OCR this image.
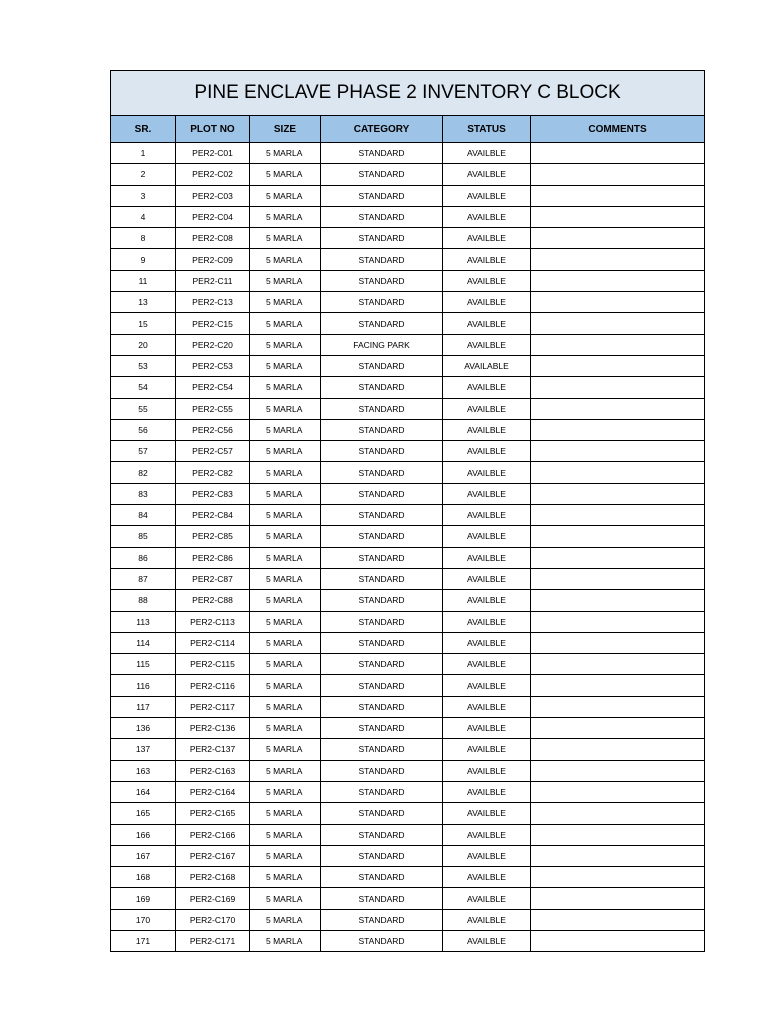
PINE ENCLAVE PHASE 2 INVENTORY C BLOCK					
SR.	PLOT NO	SIZE	CATEGORY	STATUS	COMMENTS
1	PER2-C01	5 MARLA	STANDARD	AVAILBLE	
2	PER2-C02	5 MARLA	STANDARD	AVAILBLE	
3	PER2-C03	5 MARLA	STANDARD	AVAILBLE	
4	PER2-C04	5 MARLA	STANDARD	AVAILBLE	
8	PER2-C08	5 MARLA	STANDARD	AVAILBLE	
9	PER2-C09	5 MARLA	STANDARD	AVAILBLE	
11	PER2-C11	5 MARLA	STANDARD	AVAILBLE	
13	PER2-C13	5 MARLA	STANDARD	AVAILBLE	
15	PER2-C15	5 MARLA	STANDARD	AVAILBLE	
20	PER2-C20	5 MARLA	FACING PARK	AVAILBLE	
53	PER2-C53	5 MARLA	STANDARD	AVAILABLE	
54	PER2-C54	5 MARLA	STANDARD	AVAILBLE	
55	PER2-C55	5 MARLA	STANDARD	AVAILBLE	
56	PER2-C56	5 MARLA	STANDARD	AVAILBLE	
57	PER2-C57	5 MARLA	STANDARD	AVAILBLE	
82	PER2-C82	5 MARLA	STANDARD	AVAILBLE	
83	PER2-C83	5 MARLA	STANDARD	AVAILBLE	
84	PER2-C84	5 MARLA	STANDARD	AVAILBLE	
85	PER2-C85	5 MARLA	STANDARD	AVAILBLE	
86	PER2-C86	5 MARLA	STANDARD	AVAILBLE	
87	PER2-C87	5 MARLA	STANDARD	AVAILBLE	
88	PER2-C88	5 MARLA	STANDARD	AVAILBLE	
113	PER2-C113	5 MARLA	STANDARD	AVAILBLE	
114	PER2-C114	5 MARLA	STANDARD	AVAILBLE	
115	PER2-C115	5 MARLA	STANDARD	AVAILBLE	
116	PER2-C116	5 MARLA	STANDARD	AVAILBLE	
117	PER2-C117	5 MARLA	STANDARD	AVAILBLE	
136	PER2-C136	5 MARLA	STANDARD	AVAILBLE	
137	PER2-C137	5 MARLA	STANDARD	AVAILBLE	
163	PER2-C163	5 MARLA	STANDARD	AVAILBLE	
164	PER2-C164	5 MARLA	STANDARD	AVAILBLE	
165	PER2-C165	5 MARLA	STANDARD	AVAILBLE	
166	PER2-C166	5 MARLA	STANDARD	AVAILBLE	
167	PER2-C167	5 MARLA	STANDARD	AVAILBLE	
168	PER2-C168	5 MARLA	STANDARD	AVAILBLE	
169	PER2-C169	5 MARLA	STANDARD	AVAILBLE	
170	PER2-C170	5 MARLA	STANDARD	AVAILBLE	
171	PER2-C171	5 MARLA	STANDARD	AVAILBLE	
